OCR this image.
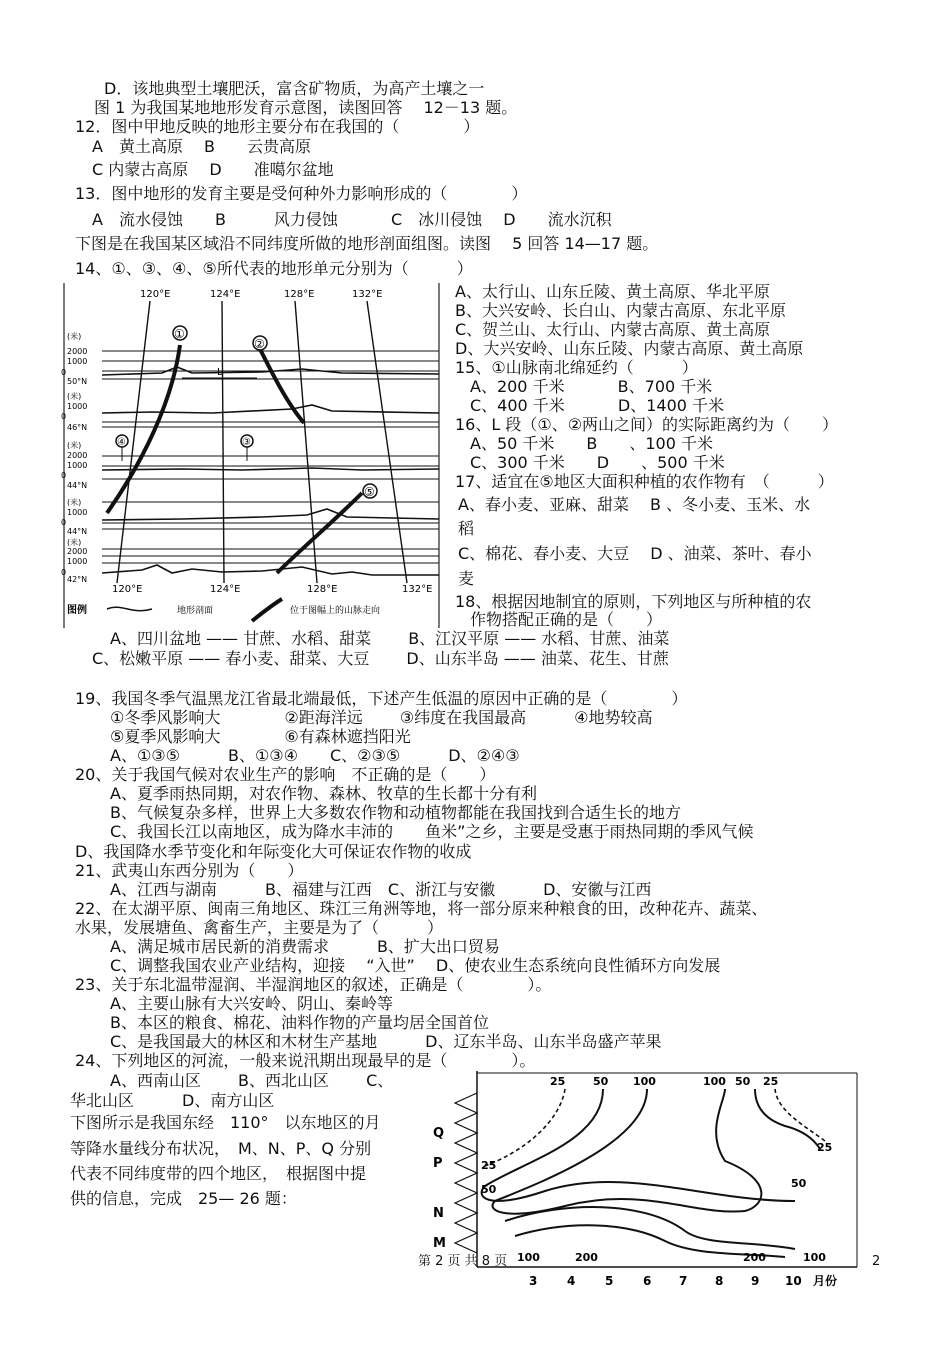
D．该地典型土壤肥沃，富含矿物质，为高产土壤之一
图 1 为我国某地地形发育示意图，读图回答　 12－13 题。
12．图中甲地反映的地形主要分布在我国的（　　　　）
A　黄土高原　 B　　云贵高原
C 内蒙古高原　 D　　准噶尔盆地
13．图中地形的发育主要是受何种外力影响形成的（　　　　）
A　流水侵蚀　　B　　　风力侵蚀　　　 C　冰川侵蚀　 D　　流水沉积
下图是在我国某区域沿不同纬度所做的地形剖面组图。读图　 5 回答 14—17 题。
14、①、③、④、⑤所代表的地形单元分别为（　　　）
A、太行山、山东丘陵、黄土高原、华北平原
B、大兴安岭、长白山、内蒙古高原、东北平原
C、贺兰山、太行山、内蒙古高原、黄土高原
D、大兴安岭、山东丘陵、内蒙古高原、黄土高原
15、①山脉南北绵延约（　　　）
A、200 千米　　　 B、700 千米
C、400 千米　　　 D、1400 千米
16、L 段（①、②两山之间）的实际距离约为（　　）
A、50 千米　　B　　、100 千米
C、300 千米　　D　　、500 千米
17、适宜在⑤地区大面积种植的农作物有　（　　　）
A、春小麦、亚麻、甜菜　 B 、冬小麦、玉米、水
稻
C、棉花、春小麦、大豆　 D 、油菜、茶叶、春小
麦
18、根据因地制宜的原则，下列地区与所种植的农
作物搭配正确的是（　　）
A、四川盆地 —— 甘蔗、水稻、甜菜　　 B、江汉平原 —— 水稻、甘蔗、油菜
C、松嫩平原 —— 春小麦、甜菜、大豆　　 D、山东半岛 —— 油菜、花生、甘蔗
19、我国冬季气温黑龙江省最北端最低，下述产生低温的原因中正确的是（　　　　）
①冬季风影响大　　　　②距海洋远　　 ③纬度在我国最高　　　④地势较高
⑤夏季风影响大　　　　⑥有森林遮挡阳光
A、①③⑤　　　B、①③④　　C、②③⑤　　　D、②④③
20、关于我国气候对农业生产的影响　不正确的是（　　）
A、夏季雨热同期，对农作物、森林、牧草的生长都十分有利
B、气候复杂多样，世界上大多数农作物和动植物都能在我国找到合适生长的地方
C、我国长江以南地区，成为降水丰沛的　　鱼米”之乡，主要是受惠于雨热同期的季风气候
D、我国降水季节变化和年际变化大可保证农作物的收成
21、武夷山东西分别为（　　）
A、江西与湖南　　　B、福建与江西　C、浙江与安徽　　　D、安徽与江西
22、在太湖平原、闽南三角地区、珠江三角洲等地，将一部分原来种粮食的田，改种花卉、蔬菜、
水果，发展塘鱼、禽畜生产，主要是为了（　　　）
A、满足城市居民新的消费需求　　　B、扩大出口贸易
C、调整我国农业产业结构，迎接　 “入世”　 D、使农业生态系统向良性循环方向发展
23、关于东北温带湿润、半湿润地区的叙述，正确是（　　　　）。
A、主要山脉有大兴安岭、阴山、秦岭等
B、本区的粮食、棉花、油料作物的产量均居全国首位
C、是我国最大的林区和木材生产基地　　　D、辽东半岛、山东半岛盛产苹果
24、下列地区的河流，一般来说汛期出现最早的是（　　　　）。
A、西南山区　　 B、西北山区　　 C、
华北山区　　　D、南方山区
下图所示是我国东经　110°　以东地区的月
等降水量线分布状况，　M、N、P、Q 分别
代表不同纬度带的四个地区，　根据图中提
供的信息，完成　25— 26 题：
120°E	124°E	128°E	132°E
(米)
2000
1000
0
50°N
(米)
1000
0
46°N
(米)
2000
1000
0
44°N
(米)
1000
0
44°N
(米)
2000
1000
0
42°N
120°E	124°E	128°E	132°E
①
②
④	③
⑤
L
图例	地形剖面	位于图幅上的山脉走向
Q
P
N
M
25	50 100	100 50 25
25
50
25
50
100	200	200	100
3 4 5 6 7 8 9 10 月份
第 2 页 共 8 页	2
